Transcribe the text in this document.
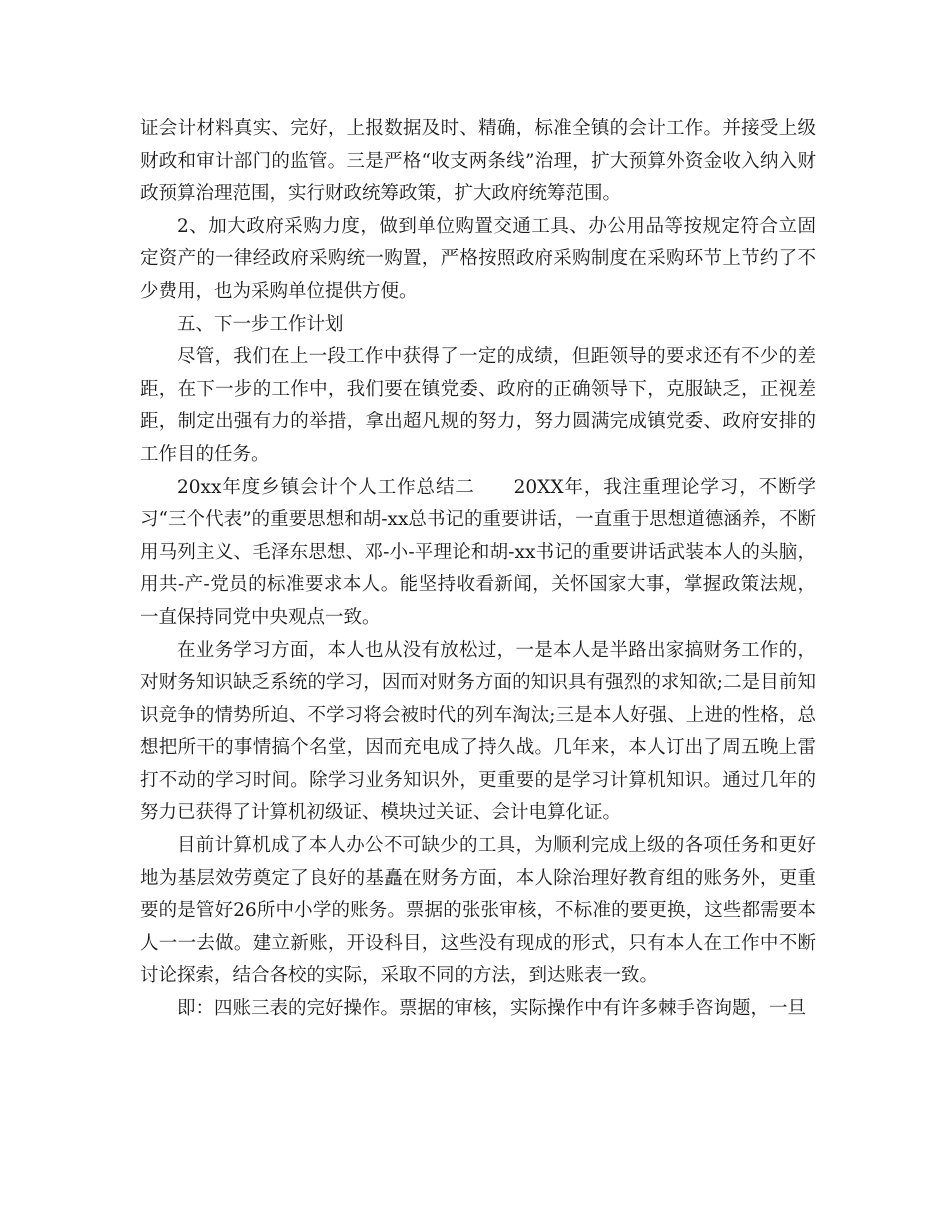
证会计材料真实、完好，上报数据及时、精确，标准全镇的会计工作。并接受上级财政和审计部门的监管。三是严格“收支两条线”治理，扩大预算外资金收入纳入财政预算治理范围，实行财政统筹政策，扩大政府统筹范围。

2、加大政府采购力度，做到单位购置交通工具、办公用品等按规定符合立固定资产的一律经政府采购统一购置，严格按照政府采购制度在采购环节上节约了不少费用，也为采购单位提供方便。

五、下一步工作计划

尽管，我们在上一段工作中获得了一定的成绩，但距领导的要求还有不少的差距，在下一步的工作中，我们要在镇党委、政府的正确领导下，克服缺乏，正视差距，制定出强有力的举措，拿出超凡规的努力，努力圆满完成镇党委、政府安排的工作目的任务。

20xx年度乡镇会计个人工作总结二　　20XX年，我注重理论学习，不断学习“三个代表”的重要思想和胡-xx总书记的重要讲话，一直重于思想道德涵养，不断用马列主义、毛泽东思想、邓-小-平理论和胡-xx书记的重要讲话武装本人的头脑，用共-产-党员的标准要求本人。能坚持收看新闻，关怀国家大事，掌握政策法规，一直保持同党中央观点一致。

在业务学习方面，本人也从没有放松过，一是本人是半路出家搞财务工作的，对财务知识缺乏系统的学习，因而对财务方面的知识具有强烈的求知欲;二是目前知识竞争的情势所迫、不学习将会被时代的列车淘汰;三是本人好强、上进的性格，总想把所干的事情搞个名堂，因而充电成了持久战。几年来，本人订出了周五晚上雷打不动的学习时间。除学习业务知识外，更重要的是学习计算机知识。通过几年的努力已获得了计算机初级证、模块过关证、会计电算化证。

目前计算机成了本人办公不可缺少的工具，为顺利完成上级的各项任务和更好地为基层效劳奠定了良好的基矗在财务方面，本人除治理好教育组的账务外，更重要的是管好26所中小学的账务。票据的张张审核，不标准的要更换，这些都需要本人一一去做。建立新账，开设科目，这些没有现成的形式，只有本人在工作中不断讨论探索，结合各校的实际，采取不同的方法，到达账表一致。

即：四账三表的完好操作。票据的审核，实际操作中有许多棘手咨询题，一旦
